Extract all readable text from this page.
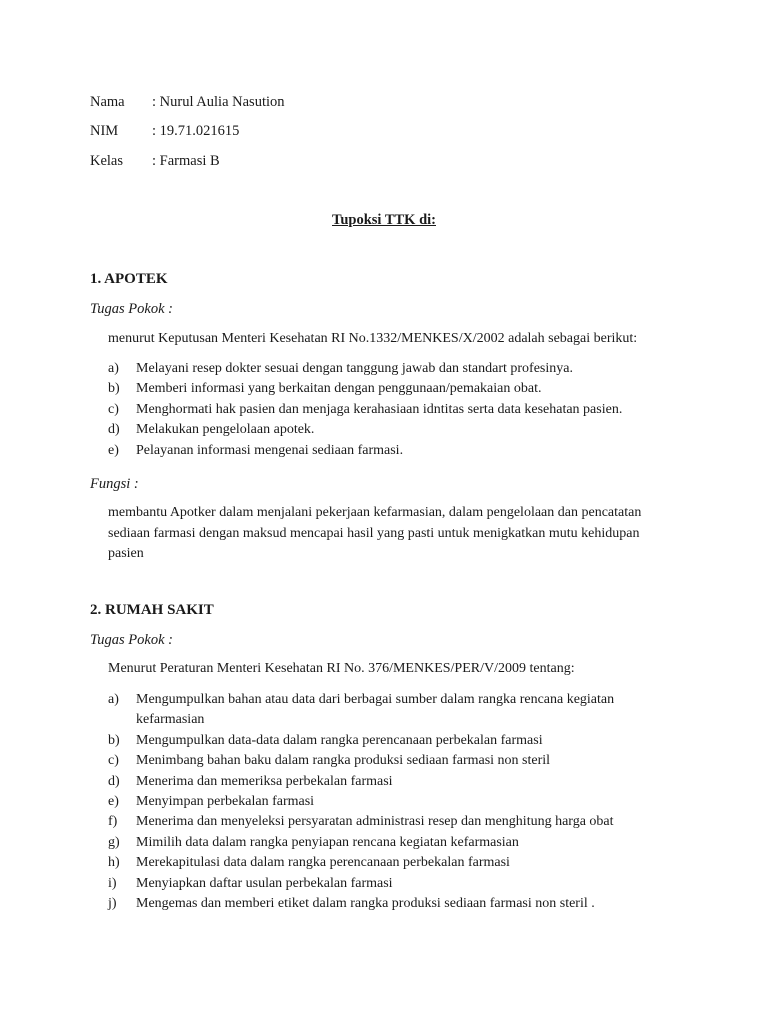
Nama	: Nurul Aulia Nasution
NIM	: 19.71.021615
Kelas	: Farmasi B
Tupoksi TTK di:
1. APOTEK
Tugas Pokok :
menurut Keputusan Menteri Kesehatan RI No.1332/MENKES/X/2002 adalah sebagai berikut:
a)	Melayani resep dokter sesuai dengan tanggung jawab dan standart profesinya.
b)	Memberi informasi yang berkaitan dengan penggunaan/pemakaian obat.
c)	Menghormati hak pasien dan menjaga kerahasiaan idntitas serta data kesehatan pasien.
d)	Melakukan pengelolaan apotek.
e)	Pelayanan informasi mengenai sediaan farmasi.
Fungsi :
membantu Apotker dalam menjalani pekerjaan kefarmasian, dalam pengelolaan dan pencatatan sediaan farmasi dengan maksud mencapai hasil yang pasti untuk menigkatkan mutu kehidupan pasien
2. RUMAH SAKIT
Tugas Pokok :
Menurut Peraturan Menteri Kesehatan RI No. 376/MENKES/PER/V/2009 tentang:
a)	Mengumpulkan bahan atau data dari berbagai sumber dalam rangka rencana kegiatan kefarmasian
b)	Mengumpulkan data-data dalam rangka perencanaan perbekalan farmasi
c)	Menimbang bahan baku dalam rangka produksi sediaan farmasi non steril
d)	Menerima dan memeriksa perbekalan farmasi
e)	Menyimpan perbekalan farmasi
f)	Menerima dan menyeleksi persyaratan administrasi resep dan menghitung harga obat
g)	Mimilih data dalam rangka penyiapan rencana kegiatan kefarmasian
h)	Merekapitulasi data dalam rangka perencanaan perbekalan farmasi
i)	Menyiapkan daftar usulan perbekalan farmasi
j)	Mengemas dan memberi etiket dalam rangka produksi sediaan farmasi non steril .
